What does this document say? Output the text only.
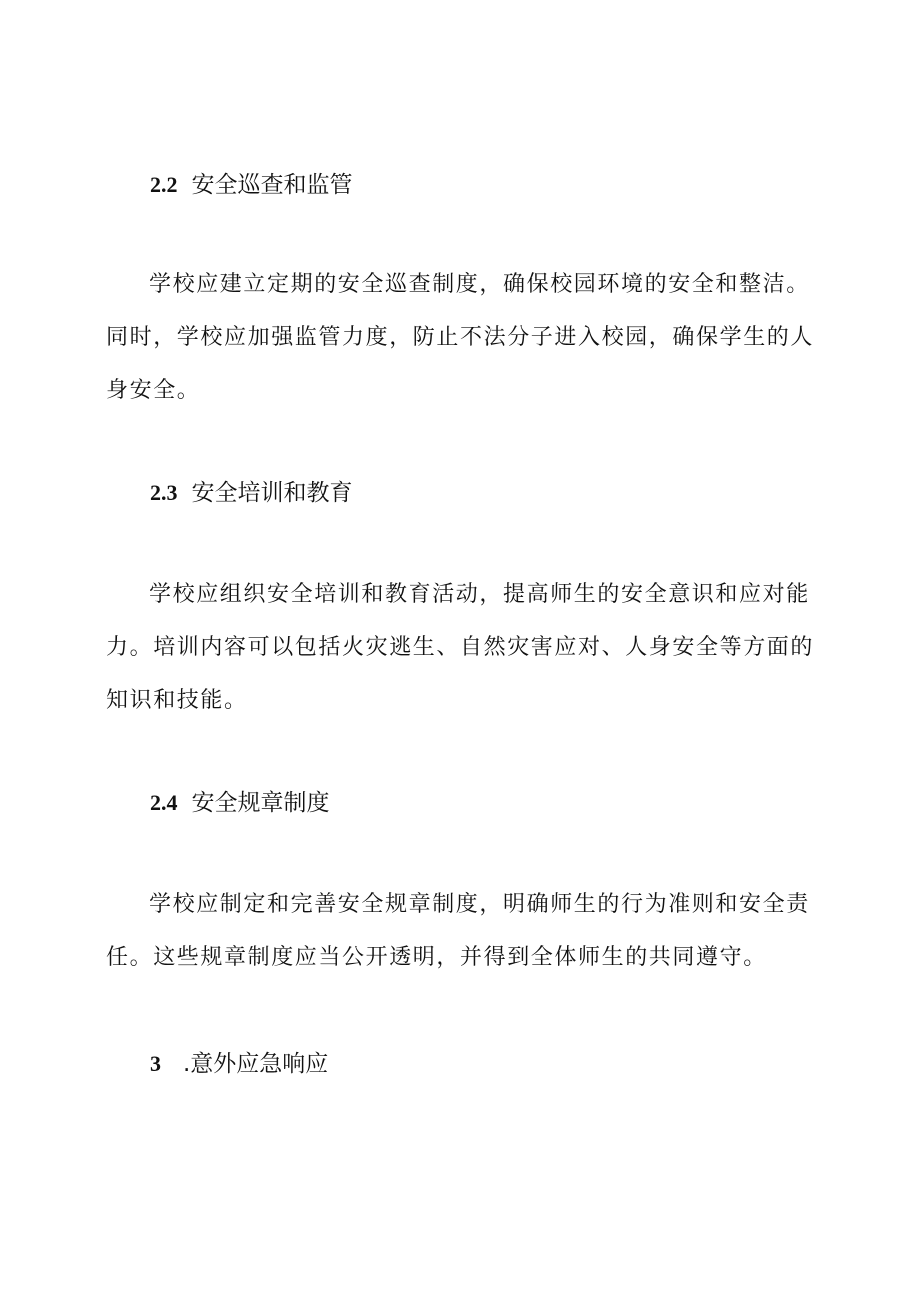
2.2 安全巡查和监管
学校应建立定期的安全巡查制度，确保校园环境的安全和整洁。
同时，学校应加强监管力度，防止不法分子进入校园，确保学生的人
身安全。
2.3 安全培训和教育
学校应组织安全培训和教育活动，提高师生的安全意识和应对能
力。培训内容可以包括火灾逃生、自然灾害应对、人身安全等方面的
知识和技能。
2.4 安全规章制度
学校应制定和完善安全规章制度，明确师生的行为准则和安全责
任。这些规章制度应当公开透明，并得到全体师生的共同遵守。
3 .意外应急响应
